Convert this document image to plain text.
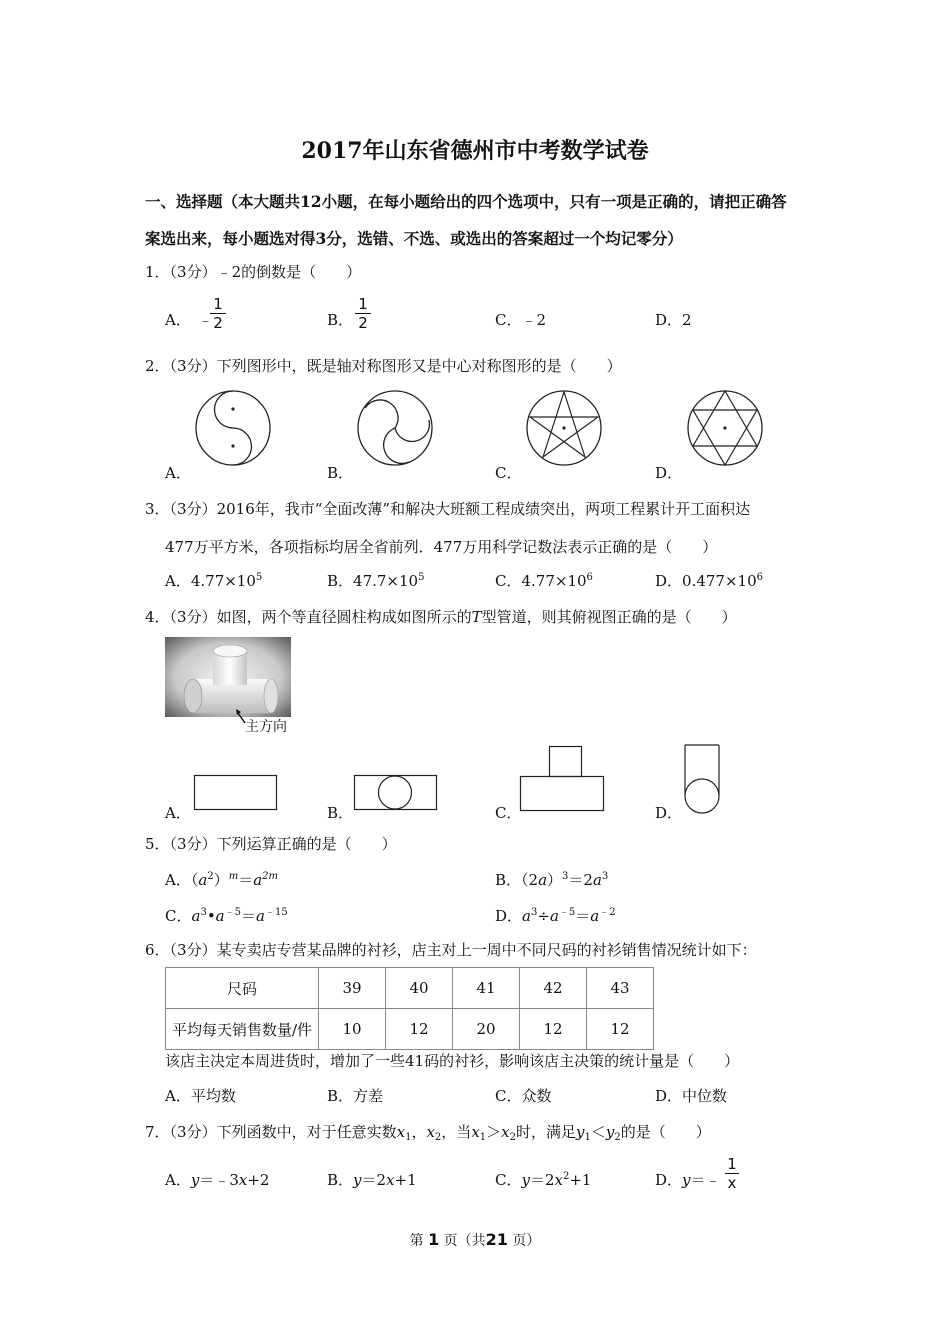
2017年山东省德州市中考数学试卷
一、选择题（本大题共12小题，在每小题给出的四个选项中，只有一项是正确的，请把正确答
案选出来，每小题选对得3分，选错、不选、或选出的答案超过一个均记零分）
1．（3分）﹣2的倒数是（　　）
A． ﹣
1
2	B．
1
2	C．﹣2	D．2
2．（3分）下列图形中，既是轴对称图形又是中心对称图形的是（　　）
A．	B．	C．	D．
3．（3分）2016年，我市“全面改薄”和解决大班额工程成绩突出，两项工程累计开工面积达
477万平方米，各项指标均居全省前列．477万用科学记数法表示正确的是（　　）
A．$4.77\times 10^5$	B．$47.7\times 10^5$	C．$4.77\times 10^6$	D．$0.477\times 10^6$
4．（3分）如图，两个等直径圆柱构成如图所示的T型管道，则其俯视图正确的是（　　）
主方向
A．	B．	C．	D．
5．（3分）下列运算正确的是（　　）
A．$(a^2)^m=a^{2m}$	B．$(2a)^3=2a^3$
C．$a^3•a^{﹣5}=a^{﹣15}$	D．$a^3\div a^{﹣5}=a^{﹣2}$
6．（3分）某专卖店专营某品牌的衬衫，店主对上一周中不同尺码的衬衫销售情况统计如下：
尺码	39	40	41	42	43
平均每天销售数量/件	10	12	20	12	12
该店主决定本周进货时，增加了一些41码的衬衫，影响该店主决策的统计量是（　　）
A．平均数	B．方差	C．众数	D．中位数
7．（3分）下列函数中，对于任意实数$x_1$，$x_2$，当$x_1>x_2$时，满足$y_1<y_2$的是（　　）
A．y＝﹣3x+2	B．y＝2x+1	C．$y=2x^2+1$	D．y＝﹣
1
x
第 1 页（共21 页）
